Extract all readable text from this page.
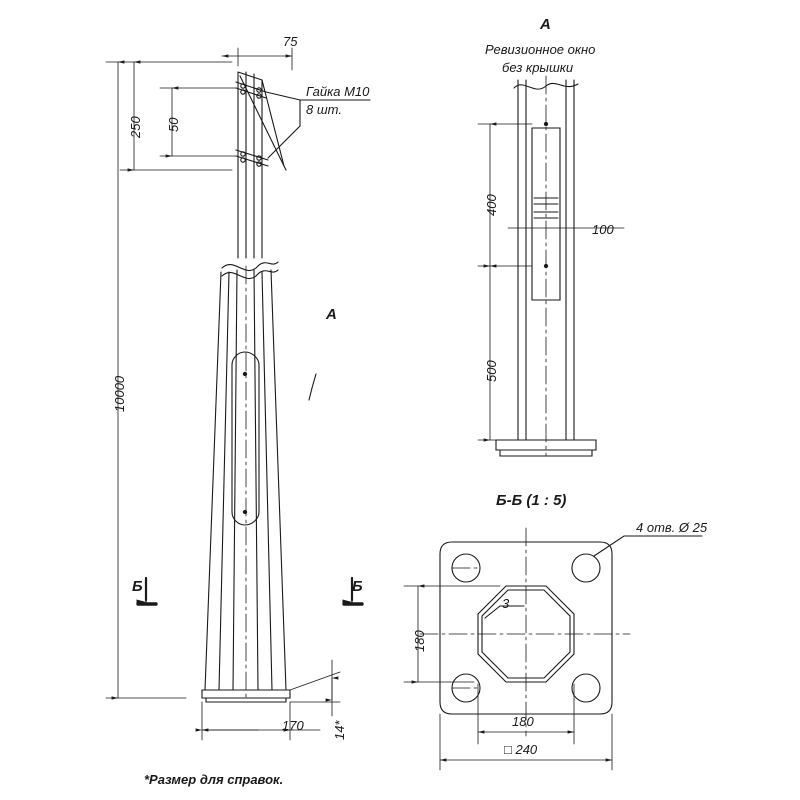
75
250 50
10000
170 14*
Гайка М10
8 шт.
А
Б	Б
А
Ревизионное окно
без крышки
400
500
100
Б-Б (1 : 5)
4 отв. Ø 25
180
3
180
□ 240
*Размер для справок.
